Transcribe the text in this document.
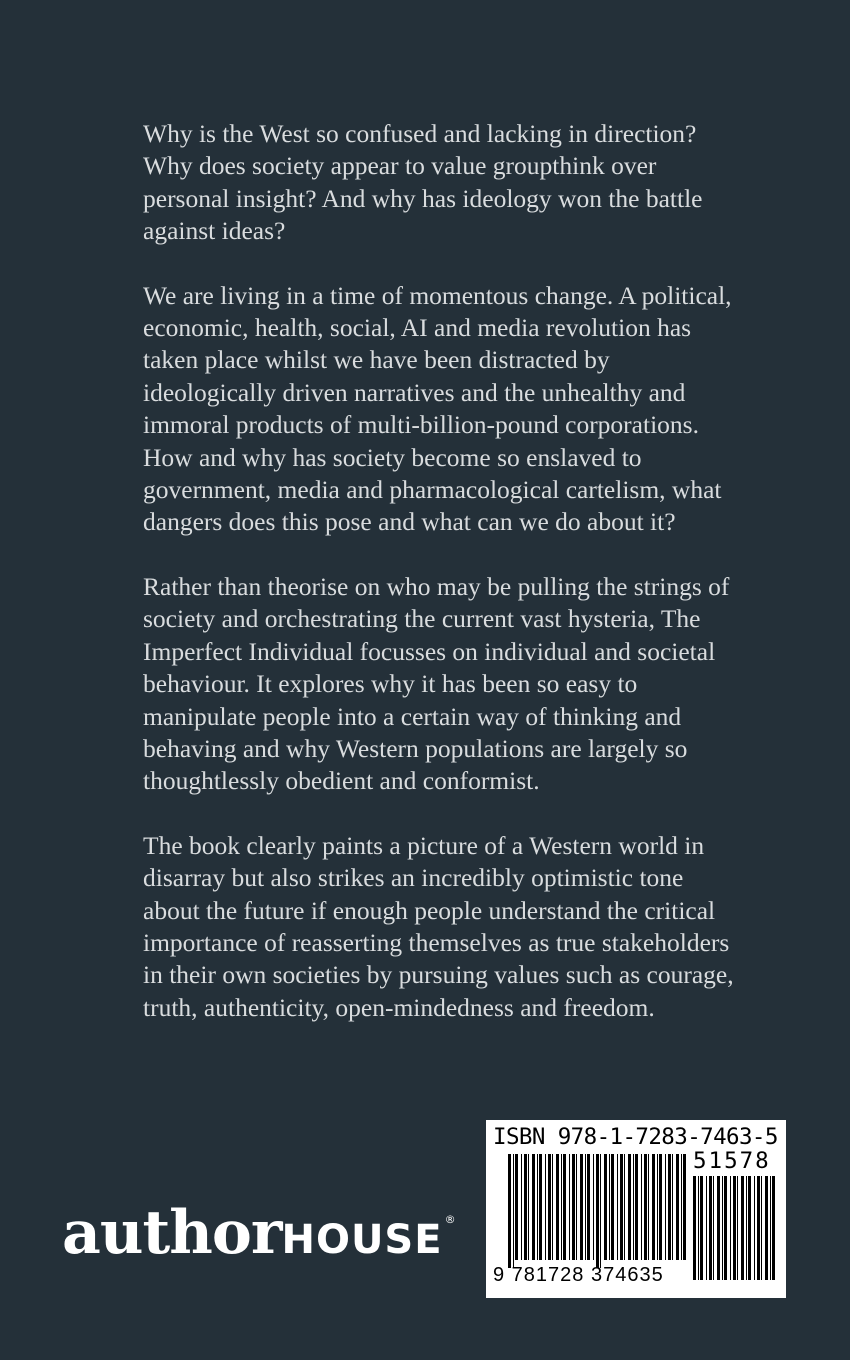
Why is the West so confused and lacking in direction? Why does society appear to value groupthink over personal insight? And why has ideology won the battle against ideas?

We are living in a time of momentous change. A political, economic, health, social, AI and media revolution has taken place whilst we have been distracted by ideologically driven narratives and the unhealthy and immoral products of multi-billion-pound corporations. How and why has society become so enslaved to government, media and pharmacological cartelism, what dangers does this pose and what can we do about it?

Rather than theorise on who may be pulling the strings of society and orchestrating the current vast hysteria, The Imperfect Individual focusses on individual and societal behaviour. It explores why it has been so easy to manipulate people into a certain way of thinking and behaving and why Western populations are largely so thoughtlessly obedient and conformist.

The book clearly paints a picture of a Western world in disarray but also strikes an incredibly optimistic tone about the future if enough people understand the critical importance of reasserting themselves as true stakeholders in their own societies by pursuing values such as courage, truth, authenticity, open-mindedness and freedom.

authorHOUSE ®
ISBN 978-1-7283-7463-5
51578
9 781728 374635
